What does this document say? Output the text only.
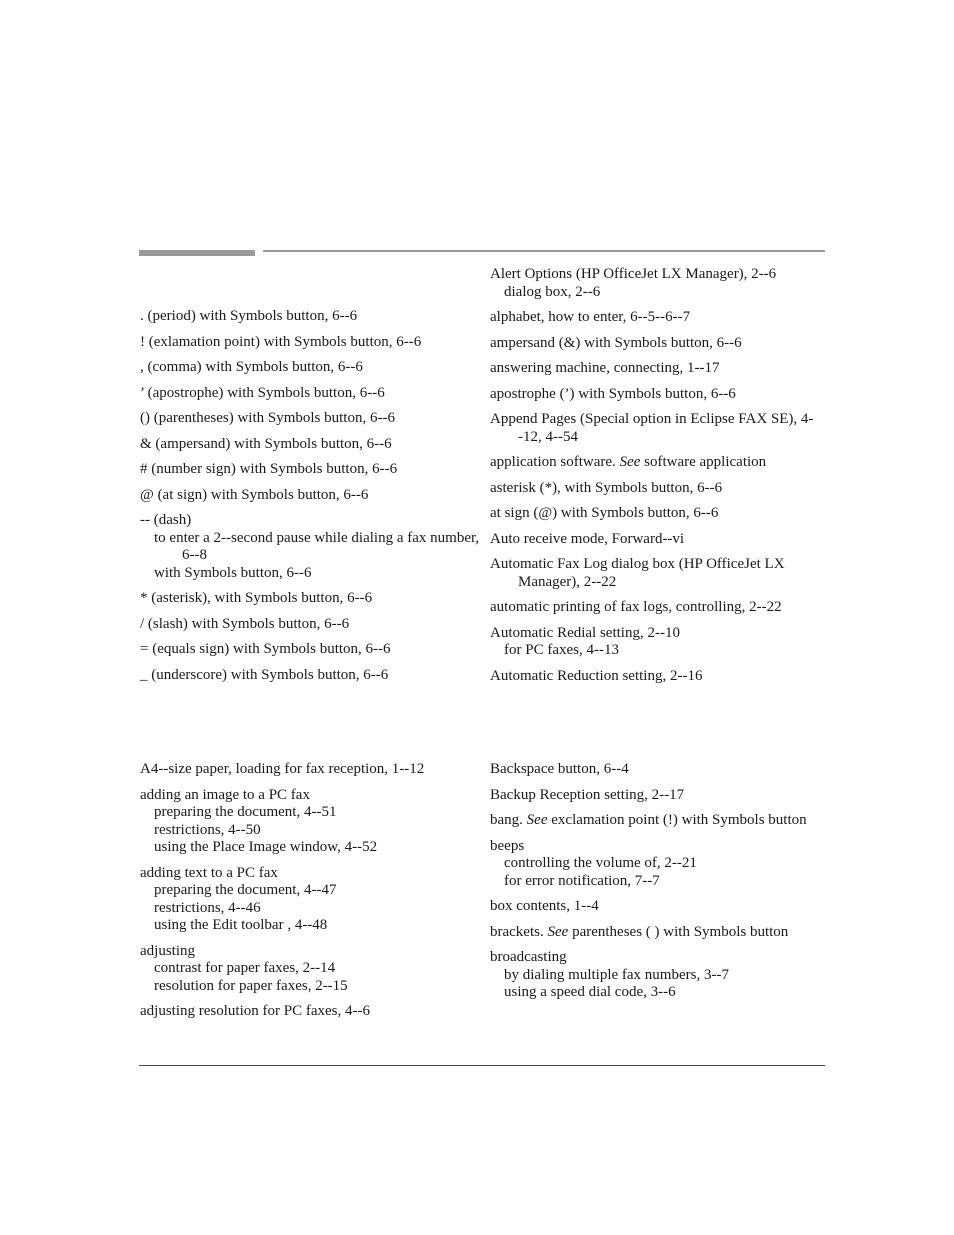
. (period) with Symbols button, 6--6
! (exlamation point) with Symbols button, 6--6
, (comma) with Symbols button, 6--6
’ (apostrophe) with Symbols button, 6--6
() (parentheses) with Symbols button, 6--6
& (ampersand) with Symbols button, 6--6
# (number sign) with Symbols button, 6--6
@ (at sign) with Symbols button, 6--6
-- (dash)
to enter a 2--second pause while dialing a fax number, 6--8
with Symbols button, 6--6
* (asterisk), with Symbols button, 6--6
/ (slash) with Symbols button, 6--6
= (equals sign) with Symbols button, 6--6
_ (underscore) with Symbols button, 6--6
Alert Options (HP OfficeJet LX Manager), 2--6
dialog box, 2--6
alphabet, how to enter, 6--5--6--7
ampersand (&) with Symbols button, 6--6
answering machine, connecting, 1--17
apostrophe (’) with Symbols button, 6--6
Append Pages (Special option in Eclipse FAX SE), 4--12, 4--54
application software. See software application
asterisk (*), with Symbols button, 6--6
at sign (@) with Symbols button, 6--6
Auto receive mode, Forward--vi
Automatic Fax Log dialog box (HP OfficeJet LX Manager), 2--22
automatic printing of fax logs, controlling, 2--22
Automatic Redial setting, 2--10
for PC faxes, 4--13
Automatic Reduction setting, 2--16
A4--size paper, loading for fax reception, 1--12
adding an image to a PC fax
preparing the document, 4--51
restrictions, 4--50
using the Place Image window, 4--52
adding text to a PC fax
preparing the document, 4--47
restrictions, 4--46
using the Edit toolbar , 4--48
adjusting
contrast for paper faxes, 2--14
resolution for paper faxes, 2--15
adjusting resolution for PC faxes, 4--6
Backspace button, 6--4
Backup Reception setting, 2--17
bang. See exclamation point (!) with Symbols button
beeps
controlling the volume of, 2--21
for error notification, 7--7
box contents, 1--4
brackets. See parentheses ( ) with Symbols button
broadcasting
by dialing multiple fax numbers, 3--7
using a speed dial code, 3--6
